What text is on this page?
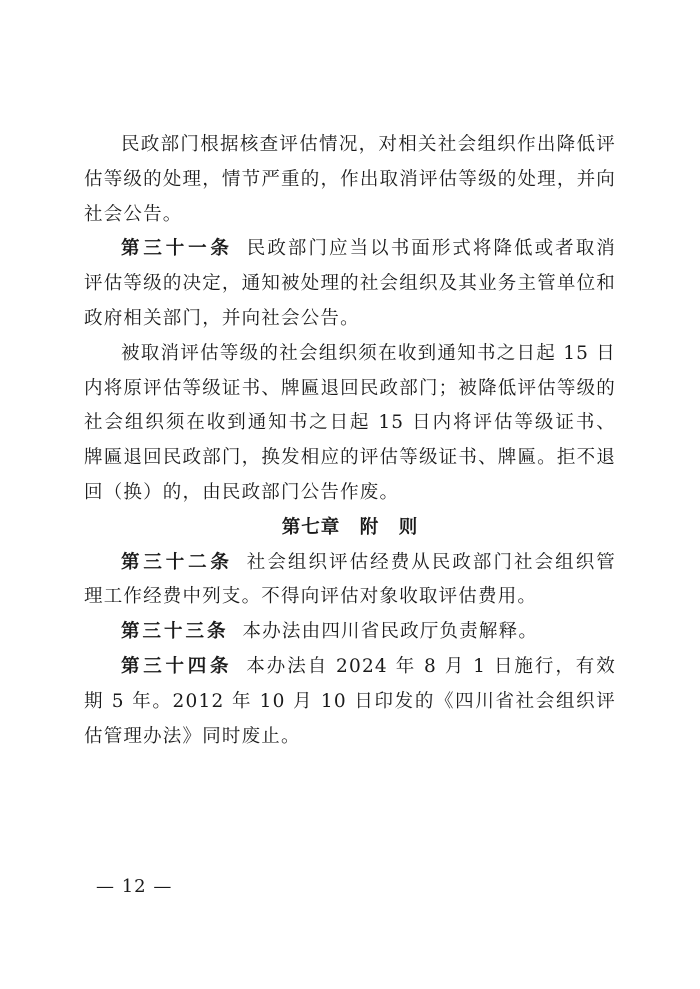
民政部门根据核查评估情况，对相关社会组织作出降低评估等级的处理，情节严重的，作出取消评估等级的处理，并向社会公告。

第三十一条 民政部门应当以书面形式将降低或者取消评估等级的决定，通知被处理的社会组织及其业务主管单位和政府相关部门，并向社会公告。

被取消评估等级的社会组织须在收到通知书之日起 15 日内将原评估等级证书、牌匾退回民政部门；被降低评估等级的社会组织须在收到通知书之日起 15 日内将评估等级证书、牌匾退回民政部门，换发相应的评估等级证书、牌匾。拒不退回（换）的，由民政部门公告作废。

第七章　附　则

第三十二条 社会组织评估经费从民政部门社会组织管理工作经费中列支。不得向评估对象收取评估费用。

第三十三条 本办法由四川省民政厅负责解释。

第三十四条 本办法自 2024 年 8 月 1 日施行，有效期 5 年。2012 年 10 月 10 日印发的《四川省社会组织评估管理办法》同时废止。

— 12 —
